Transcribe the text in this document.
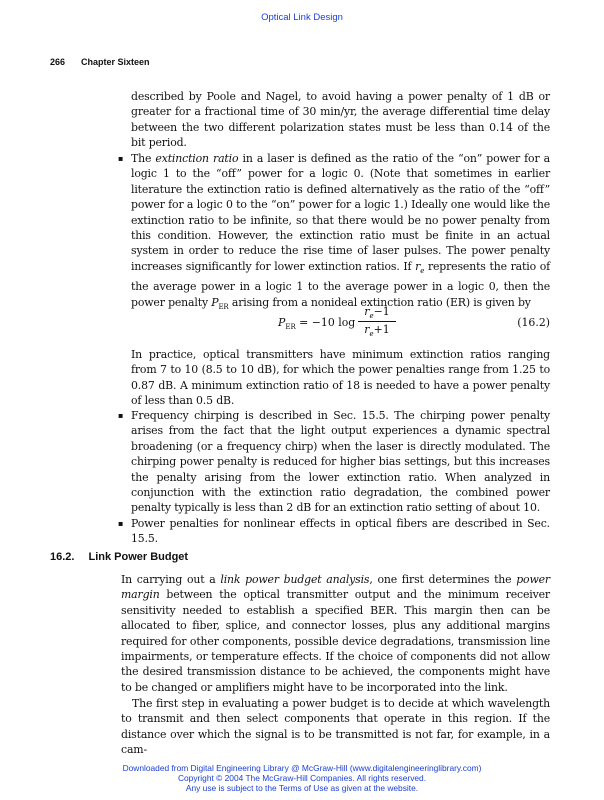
Optical Link Design
266 Chapter Sixteen
described by Poole and Nagel, to avoid having a power penalty of 1 dB or greater for a fractional time of 30 min/yr, the average differential time delay between the two different polarization states must be less than 0.14 of the bit period.
▪ The extinction ratio in a laser is defined as the ratio of the “on” power for a logic 1 to the “off” power for a logic 0. (Note that sometimes in earlier literature the extinction ratio is defined alternatively as the ratio of the “off” power for a logic 0 to the “on” power for a logic 1.) Ideally one would like the extinction ratio to be infinite, so that there would be no power penalty from this condition. However, the extinction ratio must be finite in an actual system in order to reduce the rise time of laser pulses. The power penalty increases significantly for lower extinction ratios. If $r_e$ represents the ratio of the average power in a logic 1 to the average power in a logic 0, then the power penalty $P_{ER}$ arising from a nonideal extinction ratio (ER) is given by
$P_{ER} = -10$ $\log \frac{r_e-1}{r_e+1}$	(16.2)
In practice, optical transmitters have minimum extinction ratios ranging from 7 to 10 (8.5 to 10 dB), for which the power penalties range from 1.25 to 0.87 dB. A minimum extinction ratio of 18 is needed to have a power penalty of less than 0.5 dB.
▪ Frequency chirping is described in Sec. 15.5. The chirping power penalty arises from the fact that the light output experiences a dynamic spectral broadening (or a frequency chirp) when the laser is directly modulated. The chirping power penalty is reduced for higher bias settings, but this increases the penalty arising from the lower extinction ratio. When analyzed in conjunction with the extinction ratio degradation, the combined power penalty typically is less than 2 dB for an extinction ratio setting of about 10.
▪ Power penalties for nonlinear effects in optical fibers are described in Sec. 15.5.
16.2. Link Power Budget
In carrying out a link power budget analysis, one first determines the power margin between the optical transmitter output and the minimum receiver sensitivity needed to establish a specified BER. This margin then can be allocated to fiber, splice, and connector losses, plus any additional margins required for other components, possible device degradations, transmission line impairments, or temperature effects. If the choice of components did not allow the desired transmission distance to be achieved, the components might have to be changed or amplifiers might have to be incorporated into the link.
The first step in evaluating a power budget is to decide at which wavelength to transmit and then select components that operate in this region. If the distance over which the signal is to be transmitted is not far, for example, in a cam-
Downloaded from Digital Engineering Library @ McGraw-Hill (www.digitalengineeringlibrary.com)
Copyright © 2004 The McGraw-Hill Companies. All rights reserved.
Any use is subject to the Terms of Use as given at the website.
